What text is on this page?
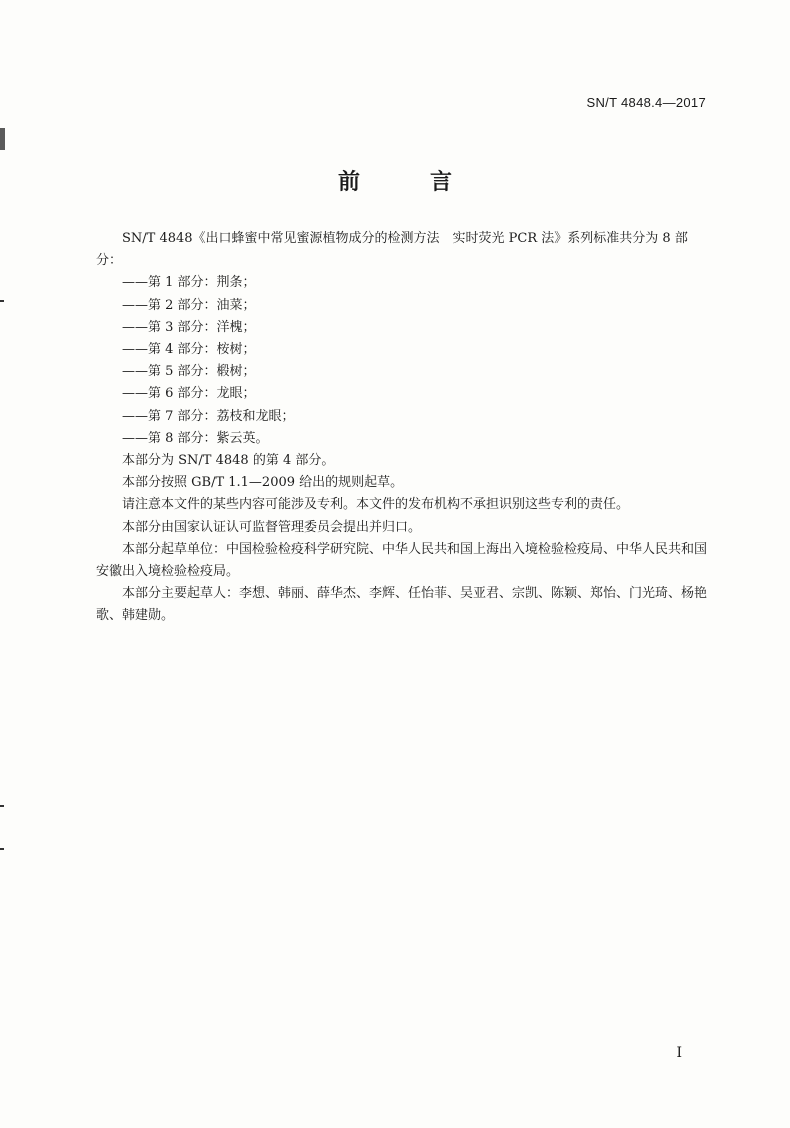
SN/T 4848.4—2017
前　言

SN/T 4848《出口蜂蜜中常见蜜源植物成分的检测方法　实时荧光 PCR 法》系列标准共分为 8 部分：

——第 1 部分：荆条；

——第 2 部分：油菜；

——第 3 部分：洋槐；

——第 4 部分：桉树；

——第 5 部分：椴树；

——第 6 部分：龙眼；

——第 7 部分：荔枝和龙眼；

——第 8 部分：紫云英。

本部分为 SN/T 4848 的第 4 部分。

本部分按照 GB/T 1.1—2009 给出的规则起草。

请注意本文件的某些内容可能涉及专利。本文件的发布机构不承担识别这些专利的责任。

本部分由国家认证认可监督管理委员会提出并归口。

本部分起草单位：中国检验检疫科学研究院、中华人民共和国上海出入境检验检疫局、中华人民共和国安徽出入境检验检疫局。

本部分主要起草人：李想、韩丽、薛华杰、李辉、任怡菲、吴亚君、宗凯、陈颖、郑怡、门光琦、杨艳歌、韩建勋。

I
